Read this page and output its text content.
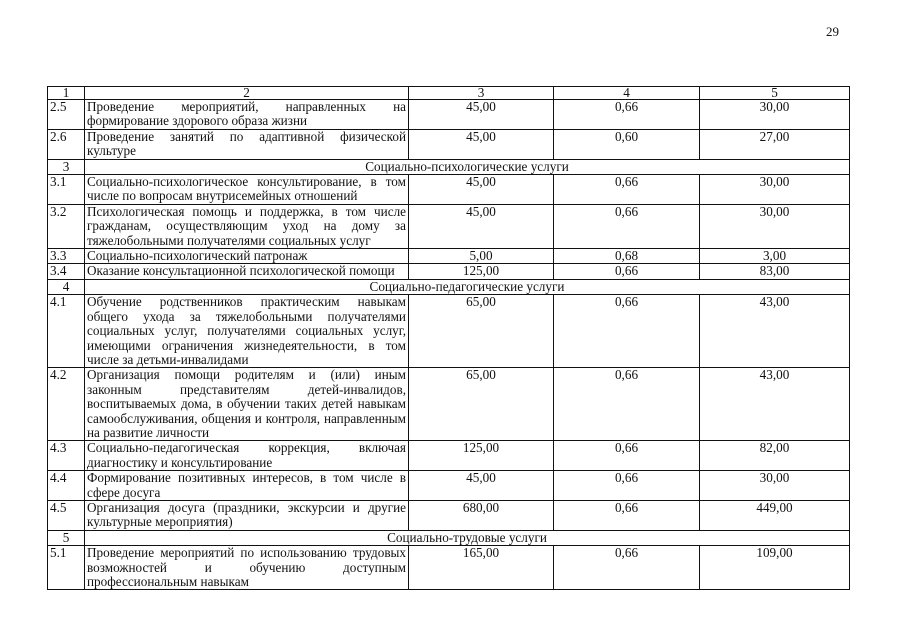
29
1	2	3	4	5
2.5	Проведение мероприятий, направленных на формирование здорового образа жизни	45,00	0,66	30,00
2.6	Проведение занятий по адаптивной физической культуре	45,00	0,60	27,00
3	Социально-психологические услуги			
3.1	Социально-психологическое консультирование, в том числе по вопросам внутрисемейных отношений	45,00	0,66	30,00
3.2	Психологическая помощь и поддержка, в том числе гражданам, осуществляющим уход на дому за тяжелобольными получателями социальных услуг	45,00	0,66	30,00
3.3	Социально-психологический патронаж	5,00	0,68	3,00
3.4	Оказание консультационной психологической помощи	125,00	0,66	83,00
4	Социально-педагогические услуги			
4.1	Обучение родственников практическим навыкам общего ухода за тяжелобольными получателями социальных услуг, получателями социальных услуг, имеющими ограничения жизнедеятельности, в том числе за детьми-инвалидами	65,00	0,66	43,00
4.2	Организация помощи родителям и (или) иным законным представителям детей-инвалидов, воспитываемых дома, в обучении таких детей навыкам самообслуживания, общения и контроля, направленным на развитие личности	65,00	0,66	43,00
4.3	Социально-педагогическая коррекция, включая диагностику и консультирование	125,00	0,66	82,00
4.4	Формирование позитивных интересов, в том числе в сфере досуга	45,00	0,66	30,00
4.5	Организация досуга (праздники, экскурсии и другие культурные мероприятия)	680,00	0,66	449,00
5	Социально-трудовые услуги			
5.1	Проведение мероприятий по использованию трудовых возможностей и обучению доступным профессиональным навыкам	165,00	0,66	109,00
